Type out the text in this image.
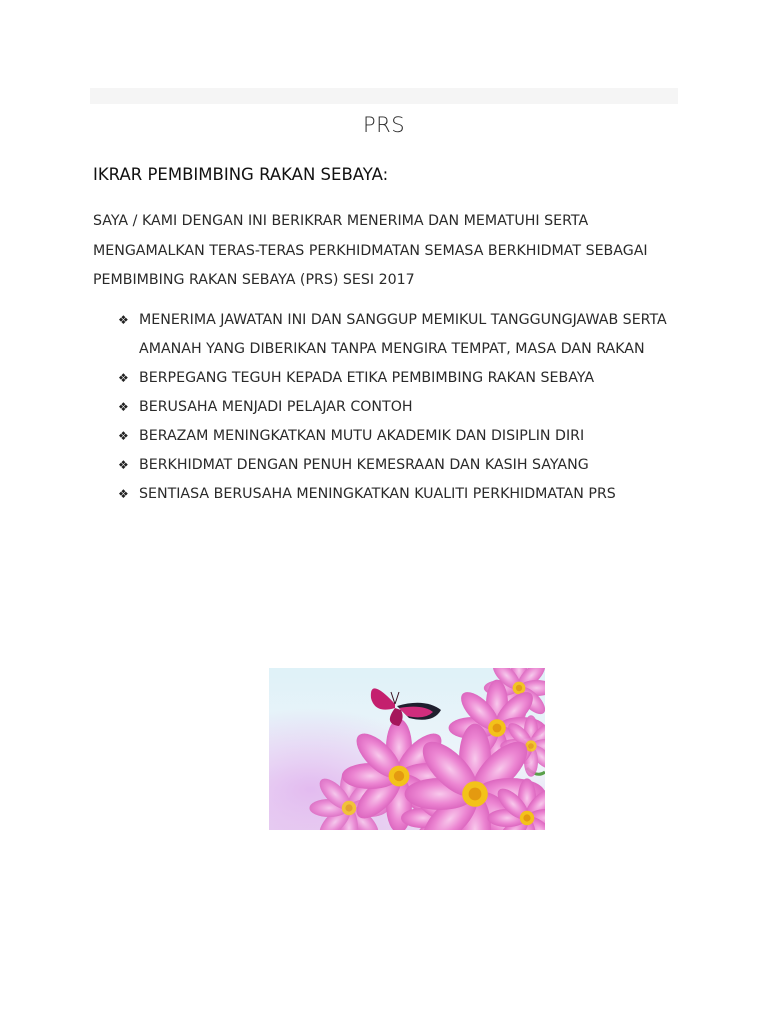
PRS
IKRAR PEMBIMBING RAKAN SEBAYA:
SAYA / KAMI DENGAN INI BERIKRAR MENERIMA DAN MEMATUHI SERTA MENGAMALKAN TERAS-TERAS PERKHIDMATAN SEMASA BERKHIDMAT SEBAGAI PEMBIMBING RAKAN SEBAYA (PRS) SESI 2017
❖ MENERIMA JAWATAN INI DAN SANGGUP MEMIKUL TANGGUNGJAWAB SERTA AMANAH YANG DIBERIKAN TANPA MENGIRA TEMPAT, MASA DAN RAKAN
❖ BERPEGANG TEGUH KEPADA ETIKA PEMBIMBING RAKAN SEBAYA
❖ BERUSAHA MENJADI PELAJAR CONTOH
❖ BERAZAM MENINGKATKAN MUTU AKADEMIK DAN DISIPLIN DIRI
❖ BERKHIDMAT DENGAN PENUH KEMESRAAN DAN KASIH SAYANG
❖ SENTIASA BERUSAHA MENINGKATKAN KUALITI PERKHIDMATAN PRS
